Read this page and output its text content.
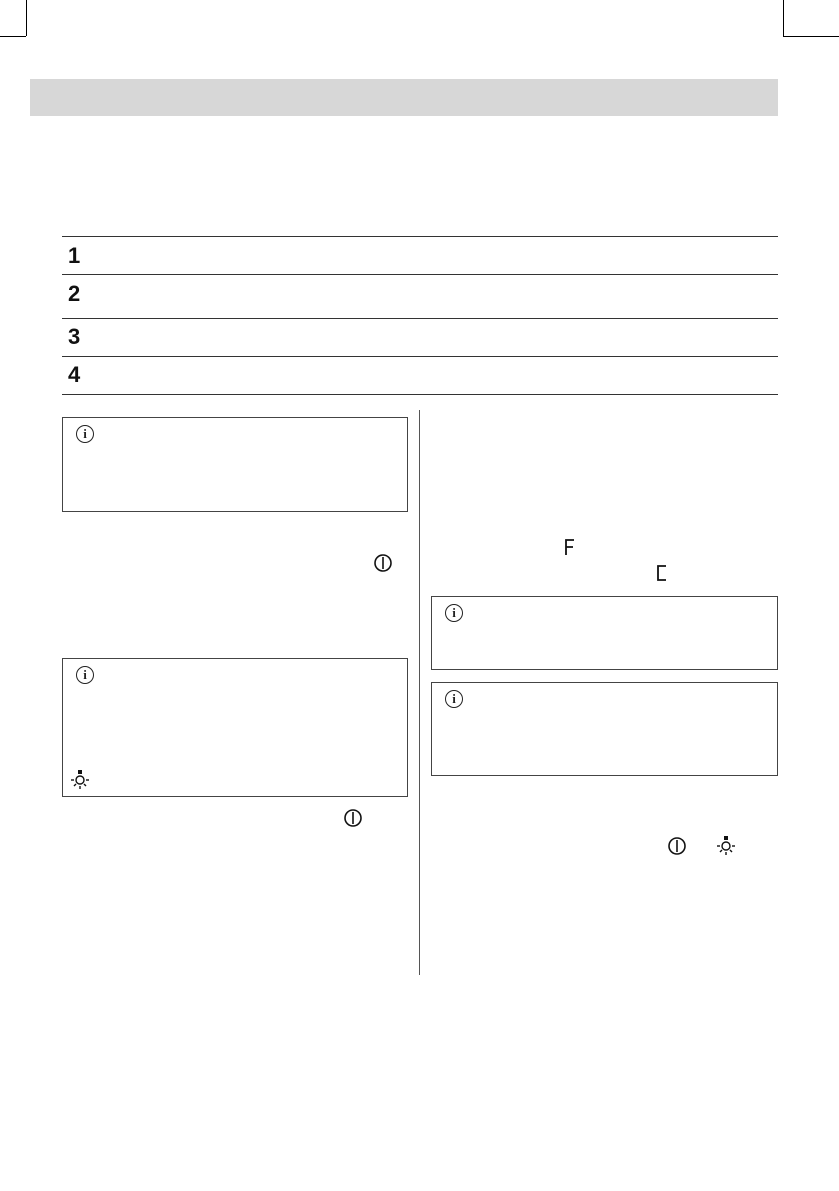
1
2
3
4
i
i
i
i
